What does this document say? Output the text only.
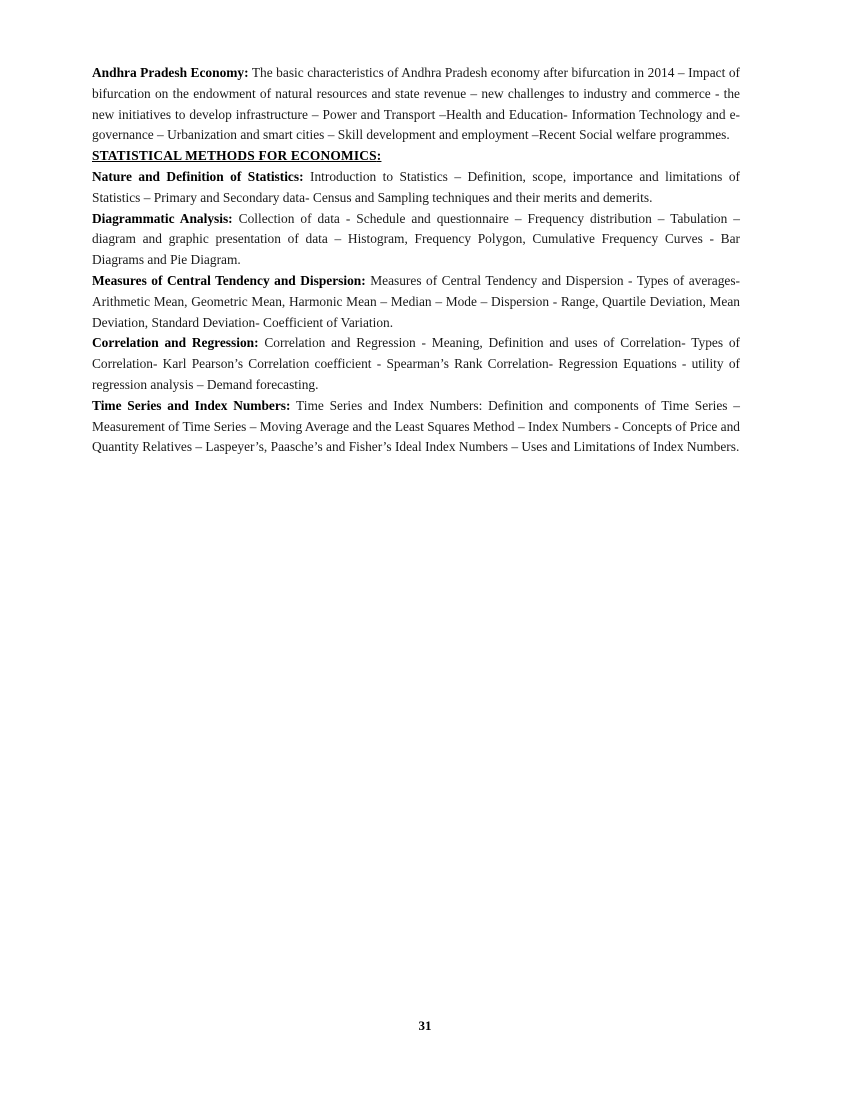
Andhra Pradesh Economy: The basic characteristics of Andhra Pradesh economy after bifurcation in 2014 – Impact of bifurcation on the endowment of natural resources and state revenue – new challenges to industry and commerce - the new initiatives to develop infrastructure – Power and Transport –Health and Education- Information Technology and e-governance – Urbanization and smart cities – Skill development and employment –Recent Social welfare programmes.

STATISTICAL METHODS FOR ECONOMICS:

Nature and Definition of Statistics: Introduction to Statistics – Definition, scope, importance and limitations of Statistics – Primary and Secondary data- Census and Sampling techniques and their merits and demerits.

Diagrammatic Analysis: Collection of data - Schedule and questionnaire – Frequency distribution – Tabulation – diagram and graphic presentation of data – Histogram, Frequency Polygon, Cumulative Frequency Curves - Bar Diagrams and Pie Diagram.

Measures of Central Tendency and Dispersion: Measures of Central Tendency and Dispersion - Types of averages- Arithmetic Mean, Geometric Mean, Harmonic Mean – Median – Mode – Dispersion - Range, Quartile Deviation, Mean Deviation, Standard Deviation- Coefficient of Variation.

Correlation and Regression: Correlation and Regression - Meaning, Definition and uses of Correlation- Types of Correlation- Karl Pearson’s Correlation coefficient - Spearman’s Rank Correlation- Regression Equations - utility of regression analysis – Demand forecasting.

Time Series and Index Numbers: Time Series and Index Numbers: Definition and components of Time Series – Measurement of Time Series – Moving Average and the Least Squares Method – Index Numbers - Concepts of Price and Quantity Relatives – Laspeyer’s, Paasche’s and Fisher’s Ideal Index Numbers – Uses and Limitations of Index Numbers.

31
